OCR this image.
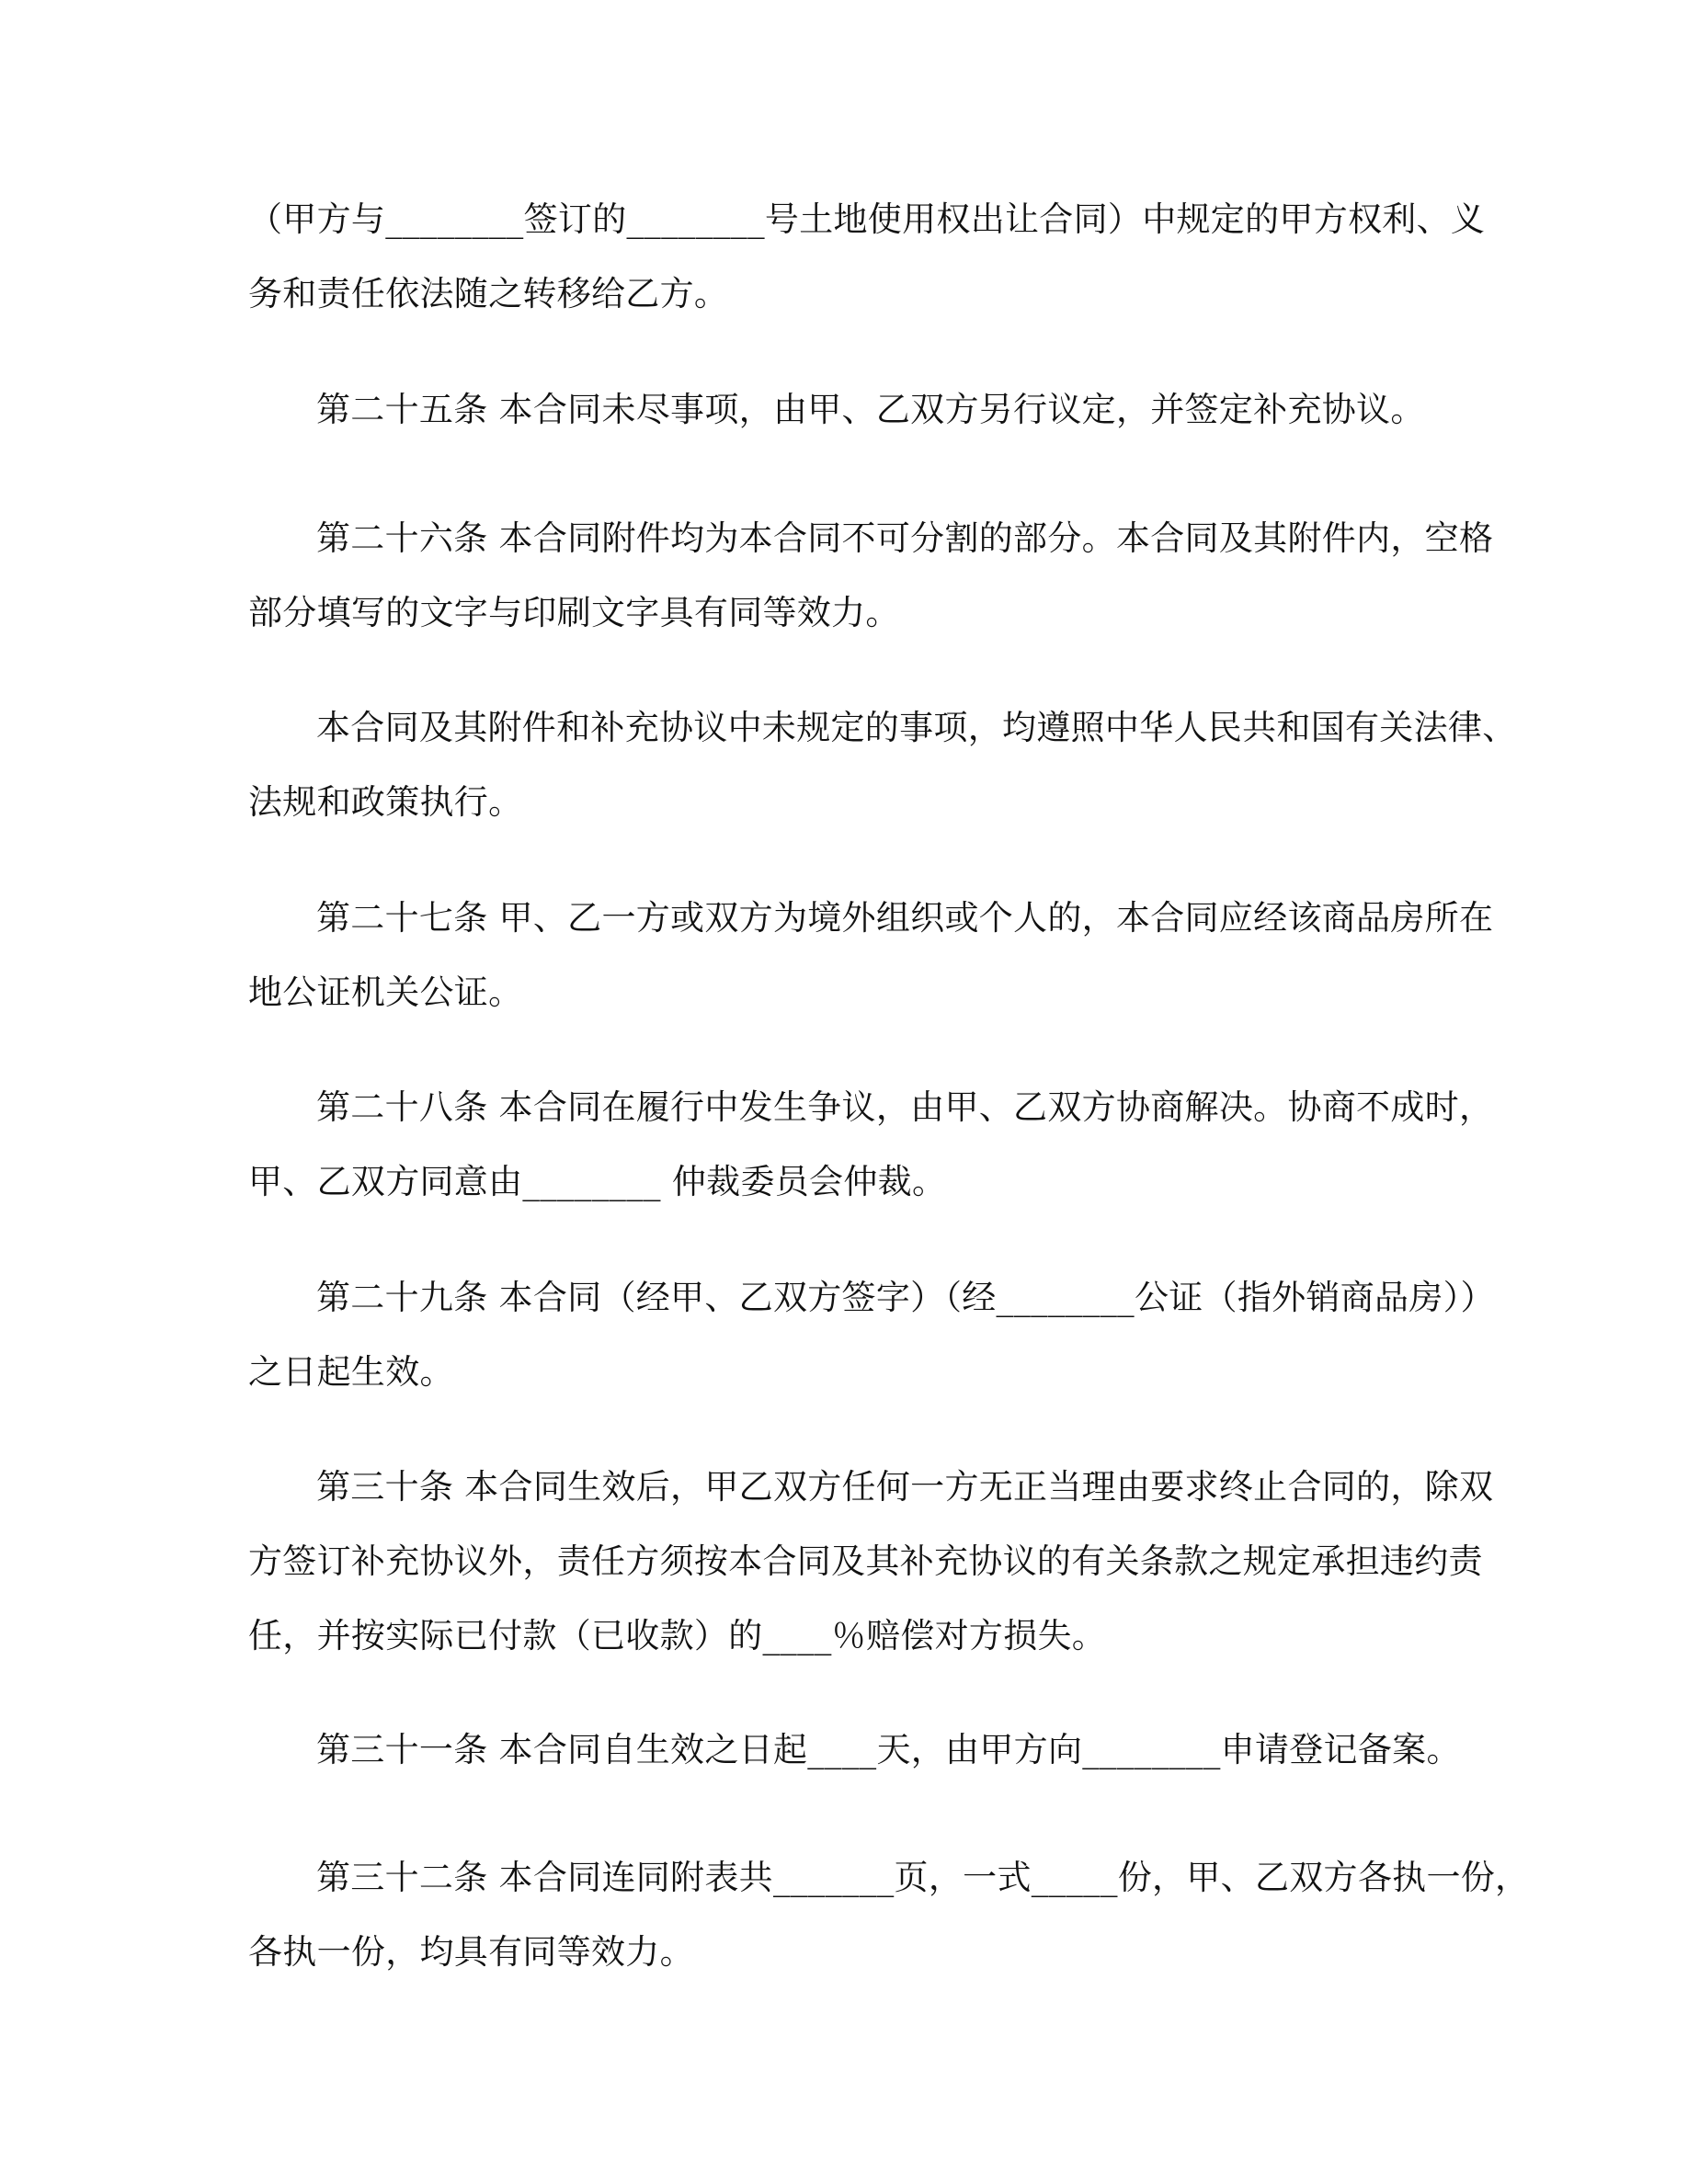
（甲方与________签订的________号土地使用权出让合同）中规定的甲方权利、义
务和责任依法随之转移给乙方。
第二十五条 本合同未尽事项，由甲、乙双方另行议定，并签定补充协议。
第二十六条 本合同附件均为本合同不可分割的部分。本合同及其附件内，空格
部分填写的文字与印刷文字具有同等效力。
本合同及其附件和补充协议中未规定的事项，均遵照中华人民共和国有关法律、
法规和政策执行。
第二十七条 甲、乙一方或双方为境外组织或个人的，本合同应经该商品房所在
地公证机关公证。
第二十八条 本合同在履行中发生争议，由甲、乙双方协商解决。协商不成时，
甲、乙双方同意由________ 仲裁委员会仲裁。
第二十九条 本合同（经甲、乙双方签字）（经________公证（指外销商品房））
之日起生效。
第三十条 本合同生效后，甲乙双方任何一方无正当理由要求终止合同的，除双
方签订补充协议外，责任方须按本合同及其补充协议的有关条款之规定承担违约责
任，并按实际已付款（已收款）的____％赔偿对方损失。
第三十一条 本合同自生效之日起____天，由甲方向________申请登记备案。
第三十二条 本合同连同附表共_______页，一式_____份，甲、乙双方各执一份，
各执一份，均具有同等效力。
